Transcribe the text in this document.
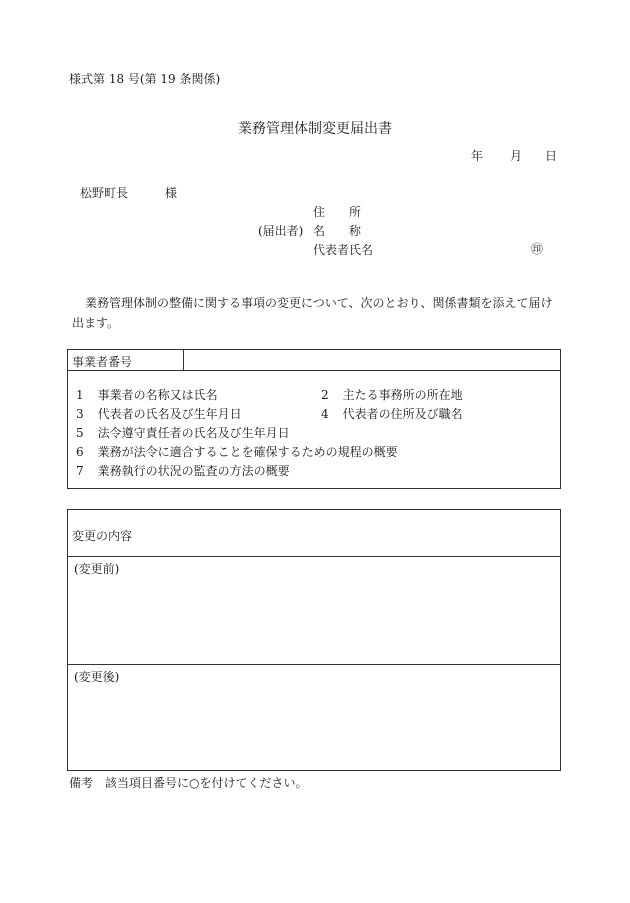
様式第 18 号(第 19 条関係)
業務管理体制変更届出書
年 月 日
松野町長	様
住　　所
(届出者) 名　　称
代表者氏名	㊞
業務管理体制の整備に関する事項の変更について、次のとおり、関係書類を添えて届け出ます。
事業者番号
1 事業者の名称又は氏名	2 主たる事務所の所在地
3 代表者の氏名及び生年月日	4 代表者の住所及び職名
5 法令遵守責任者の氏名及び生年月日
6 業務が法令に適合することを確保するための規程の概要
7 業務執行の状況の監査の方法の概要
変更の内容
(変更前)
(変更後)
備考　該当項目番号に○を付けてください。
